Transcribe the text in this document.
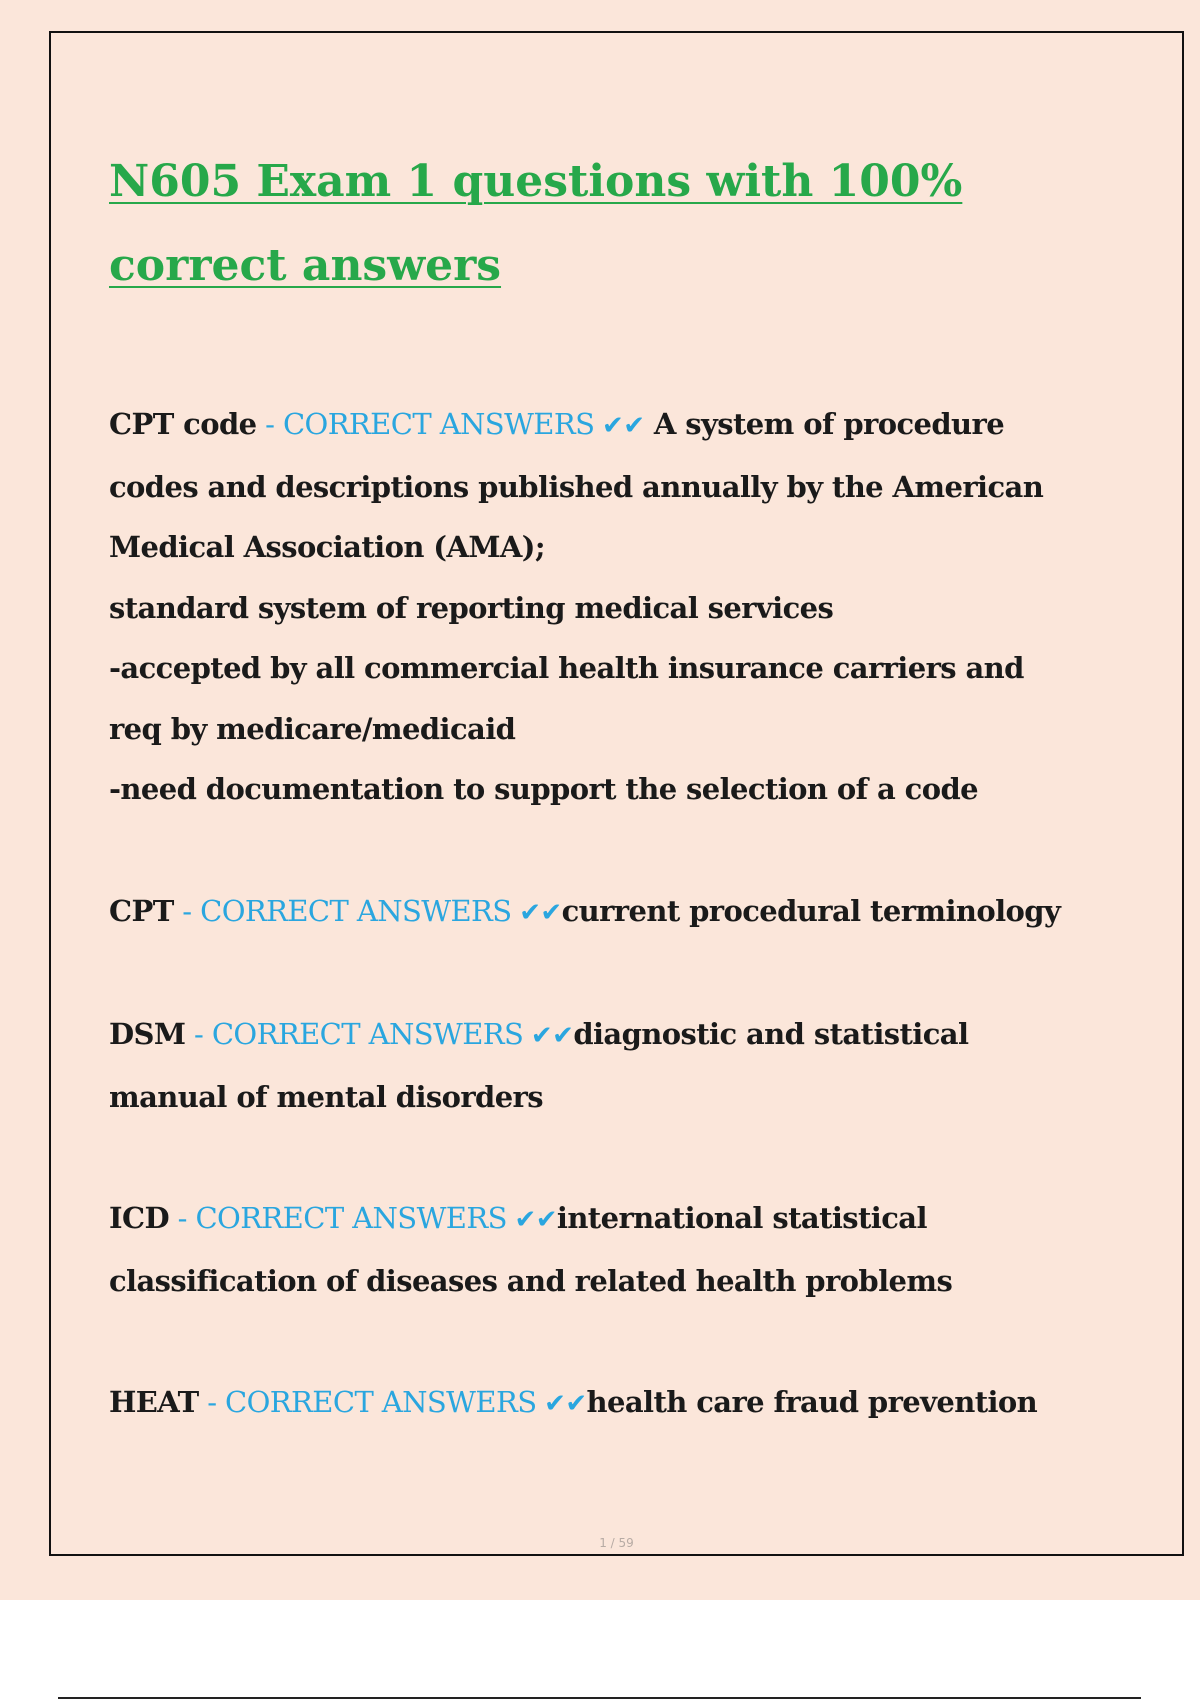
N605 Exam 1 questions with 100% correct answers
CPT code - CORRECT ANSWERS ✔✔ A system of procedure codes and descriptions published annually by the American Medical Association (AMA);
standard system of reporting medical services
-accepted by all commercial health insurance carriers and req by medicare/medicaid
-need documentation to support the selection of a code
CPT - CORRECT ANSWERS ✔✔current procedural terminology
DSM - CORRECT ANSWERS ✔✔diagnostic and statistical manual of mental disorders
ICD - CORRECT ANSWERS ✔✔international statistical classification of diseases and related health problems
HEAT - CORRECT ANSWERS ✔✔health care fraud prevention
1 / 59
